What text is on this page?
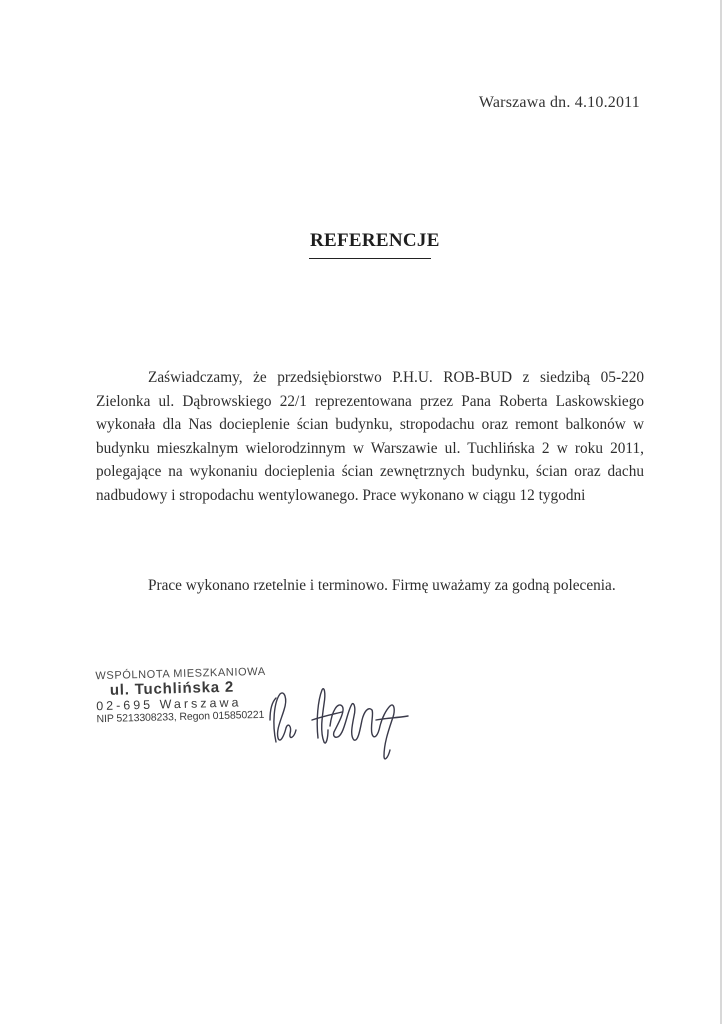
Warszawa dn. 4.10.2011
REFERENCJE
Zaświadczamy, że przedsiębiorstwo P.H.U. ROB-BUD z siedzibą 05-220 Zielonka ul. Dąbrowskiego 22/1 reprezentowana przez Pana Roberta Laskowskiego wykonała dla Nas docieplenie ścian budynku, stropodachu oraz remont balkonów w budynku mieszkalnym wielorodzinnym w Warszawie ul. Tuchlińska 2 w roku 2011, polegające na wykonaniu docieplenia ścian zewnętrznych budynku, ścian oraz dachu nadbudowy i stropodachu wentylowanego. Prace wykonano w ciągu 12 tygodni
Prace wykonano rzetelnie i terminowo. Firmę uważamy za godną polecenia.
WSPÓLNOTA MIESZKANIOWA
ul. Tuchlińska 2
02-695 Warszawa
NIP 5213308233, Regon 015850221
